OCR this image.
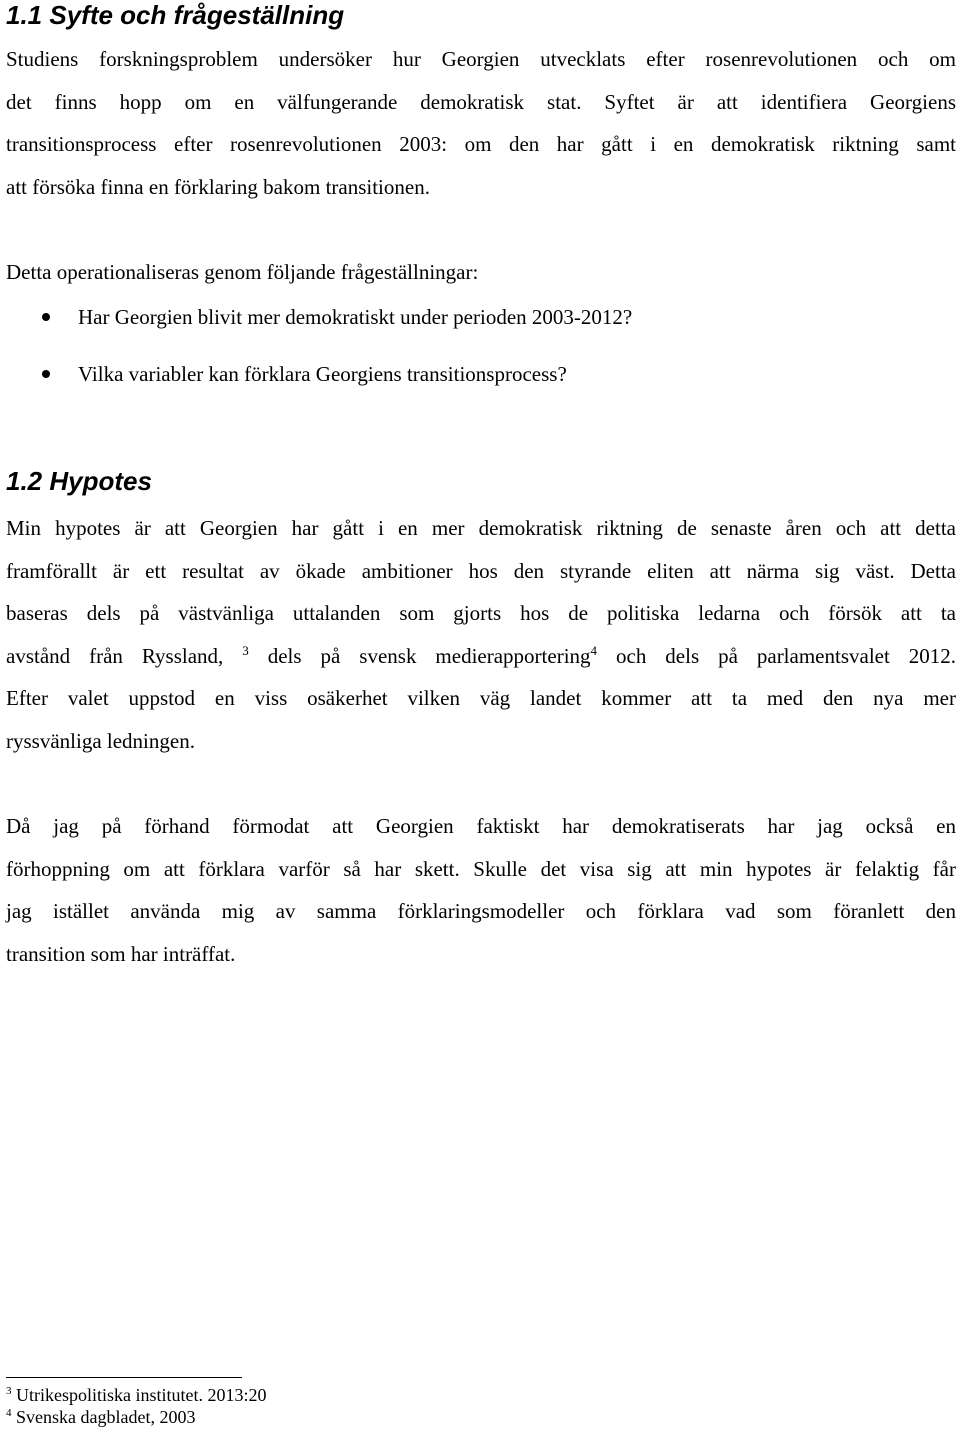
1.1 Syfte och frågeställning
Studiens forskningsproblem undersöker hur Georgien utvecklats efter rosenrevolutionen och om
det finns hopp om en välfungerande demokratisk stat. Syftet är att identifiera Georgiens
transitionsprocess efter rosenrevolutionen 2003: om den har gått i en demokratisk riktning samt
att försöka finna en förklaring bakom transitionen.

Detta operationaliseras genom följande frågeställningar:

Har Georgien blivit mer demokratiskt under perioden 2003-2012?

Vilka variabler kan förklara Georgiens transitionsprocess?

1.2 Hypotes
Min hypotes är att Georgien har gått i en mer demokratisk riktning de senaste åren och att detta
framförallt är ett resultat av ökade ambitioner hos den styrande eliten att närma sig väst. Detta
baseras dels på västvänliga uttalanden som gjorts hos de politiska ledarna och försök att ta
avstånd från Ryssland, $^3$ dels på svensk medierapportering$^4$ och dels på parlamentsvalet 2012.
Efter valet uppstod en viss osäkerhet vilken väg landet kommer att ta med den nya mer
ryssvänliga ledningen.
Då jag på förhand förmodat att Georgien faktiskt har demokratiserats har jag också en
förhoppning om att förklara varför så har skett. Skulle det visa sig att min hypotes är felaktig får
jag istället använda mig av samma förklaringsmodeller och förklara vad som föranlett den
transition som har inträffat.

$^3$ Utrikespolitiska institutet. 2013:20

$^4$ Svenska dagbladet, 2003
